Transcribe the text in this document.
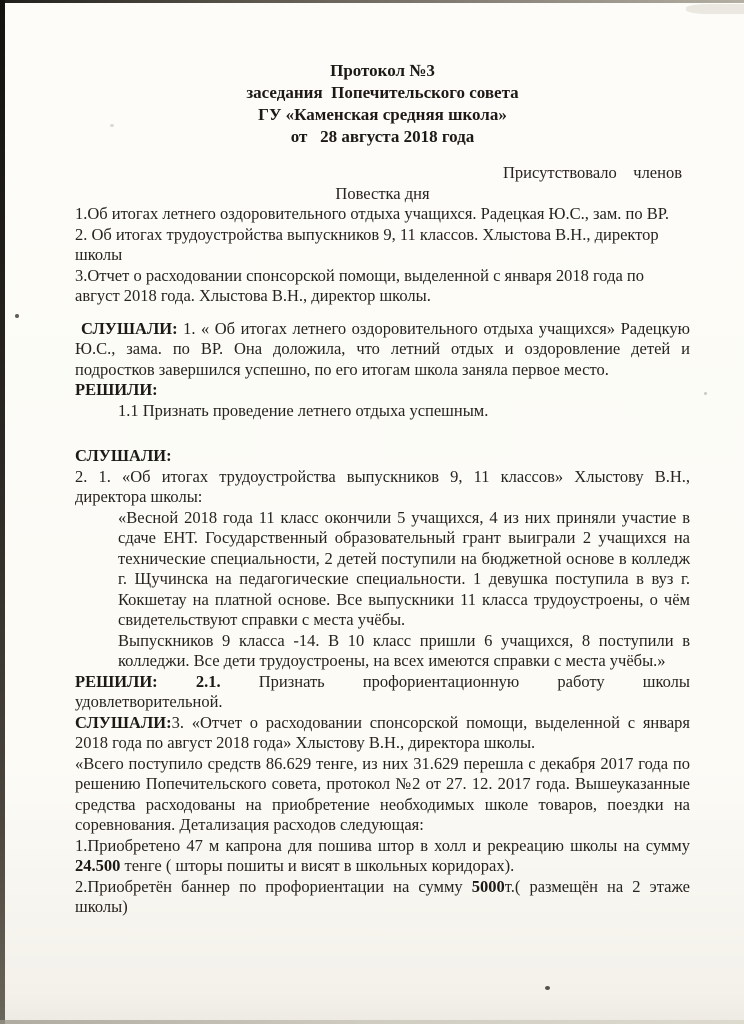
Протокол №3
заседания  Попечительского совета
ГУ «Каменская средняя школа»
от   28 августа 2018 года
Присутствовало    членов
Повестка дня

1.Об итогах летнего оздоровительного отдыха учащихся. Радецкая Ю.С., зам. по ВР.

2. Об итогах трудоустройства выпускников 9, 11 классов. Хлыстова В.Н., директор школы

3.Отчет о расходовании спонсорской помощи, выделенной с января 2018 года по август 2018 года. Хлыстова В.Н., директор школы.

СЛУШАЛИ: 1. « Об итогах летнего оздоровительного отдыха учащихся» Радецкую Ю.С., зама. по ВР. Она доложила, что летний отдых и оздоровление детей и подростков завершился успешно, по его итогам школа заняла первое место.

РЕШИЛИ:

1.1 Признать проведение летнего отдыха успешным.

СЛУШАЛИ:

2. 1. «Об итогах трудоустройства выпускников 9, 11 классов» Хлыстову В.Н., директора школы:

«Весной 2018 года 11 класс окончили 5 учащихся, 4 из них приняли участие в сдаче ЕНТ. Государственный образовательный грант выиграли 2 учащихся на технические специальности, 2 детей поступили на бюджетной основе в колледж г. Щучинска на педагогические специальности. 1 девушка поступила в вуз г. Кокшетау на платной основе. Все выпускники 11 класса трудоустроены, о чём свидетельствуют справки с места учёбы.

Выпускников 9 класса -14. В 10 класс пришли 6 учащихся, 8 поступили в колледжи. Все дети трудоустроены, на всех имеются справки с места учёбы.»

РЕШИЛИ: 2.1. Признать профориентационную работу школы удовлетворительной.

СЛУШАЛИ:3. «Отчет о расходовании спонсорской помощи, выделенной с января 2018 года по август 2018 года» Хлыстову В.Н., директора школы.

«Всего поступило средств 86.629 тенге, из них 31.629 перешла с декабря 2017 года по решению Попечительского совета, протокол №2 от 27. 12. 2017 года. Вышеуказанные средства расходованы на приобретение необходимых школе товаров, поездки на соревнования. Детализация расходов следующая:

1.Приобретено 47 м капрона для пошива штор в холл и рекреацию школы на сумму 24.500 тенге ( шторы пошиты и висят в школьных коридорах).

2.Приобретён баннер по профориентации на сумму 5000т.( размещён на 2 этаже школы)
